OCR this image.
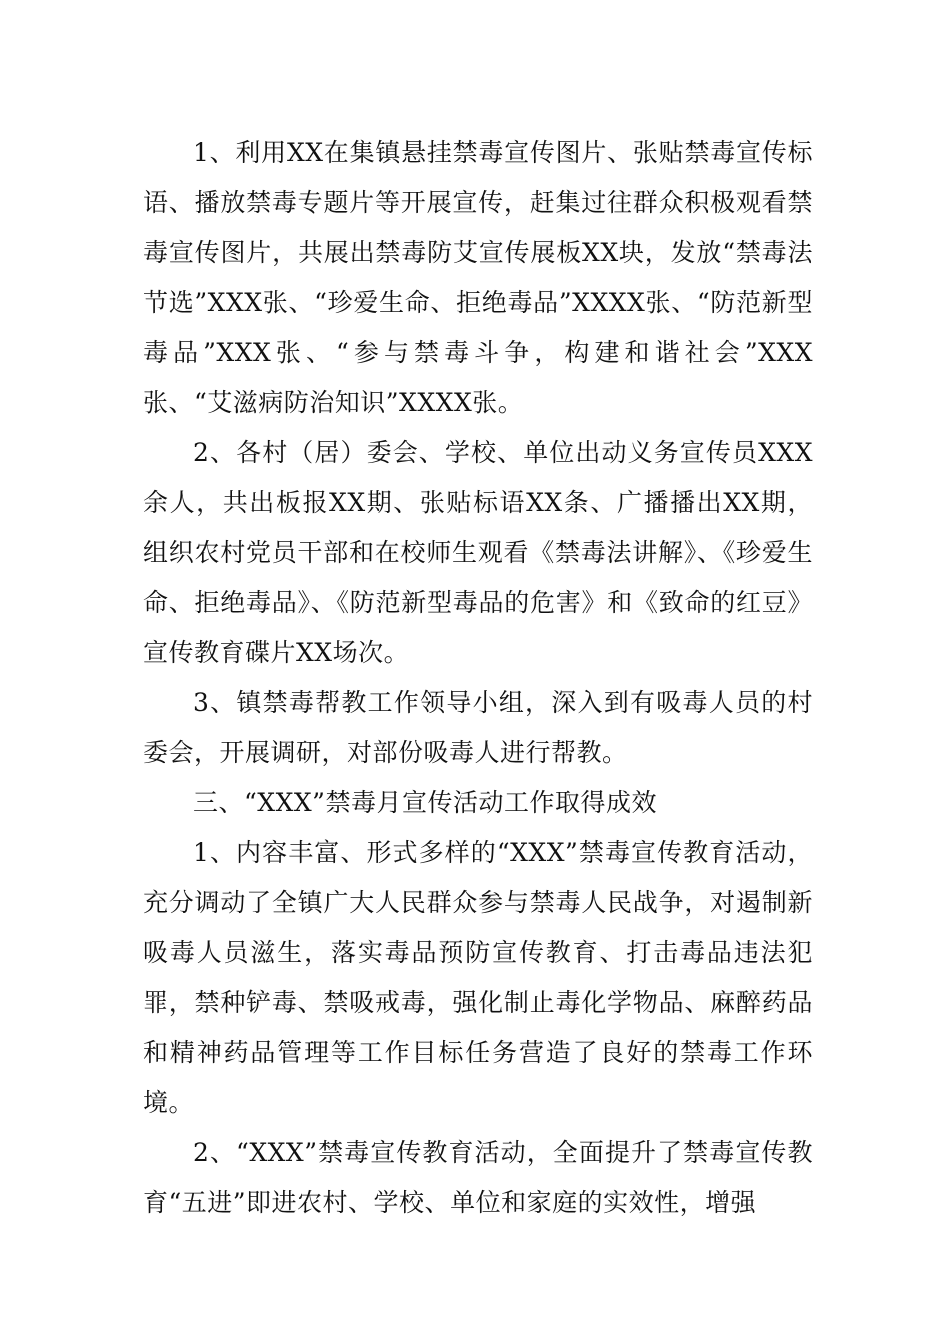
1、利用XX在集镇悬挂禁毒宣传图片、张贴禁毒宣传标语、播放禁毒专题片等开展宣传，赶集过往群众积极观看禁毒宣传图片，共展出禁毒防艾宣传展板XX块，发放“禁毒法节选”XXX张、“珍爱生命、拒绝毒品”XXXX张、“防范新型毒品”XXX张、“参与禁毒斗争，构建和谐社会”XXX张、“艾滋病防治知识”XXXX张。

2、各村（居）委会、学校、单位出动义务宣传员XXX余人，共出板报XX期、张贴标语XX条、广播播出XX期，组织农村党员干部和在校师生观看《禁毒法讲解》、《珍爱生命、拒绝毒品》、《防范新型毒品的危害》和《致命的红豆》宣传教育碟片XX场次。

3、镇禁毒帮教工作领导小组，深入到有吸毒人员的村委会，开展调研，对部份吸毒人进行帮教。

三、“XXX”禁毒月宣传活动工作取得成效

1、内容丰富、形式多样的“XXX”禁毒宣传教育活动，充分调动了全镇广大人民群众参与禁毒人民战争，对遏制新吸毒人员滋生，落实毒品预防宣传教育、打击毒品违法犯罪，禁种铲毒、禁吸戒毒，强化制止毒化学物品、麻醉药品和精神药品管理等工作目标任务营造了良好的禁毒工作环境。

2、“XXX”禁毒宣传教育活动，全面提升了禁毒宣传教育“五进”即进农村、学校、单位和家庭的实效性，增强
